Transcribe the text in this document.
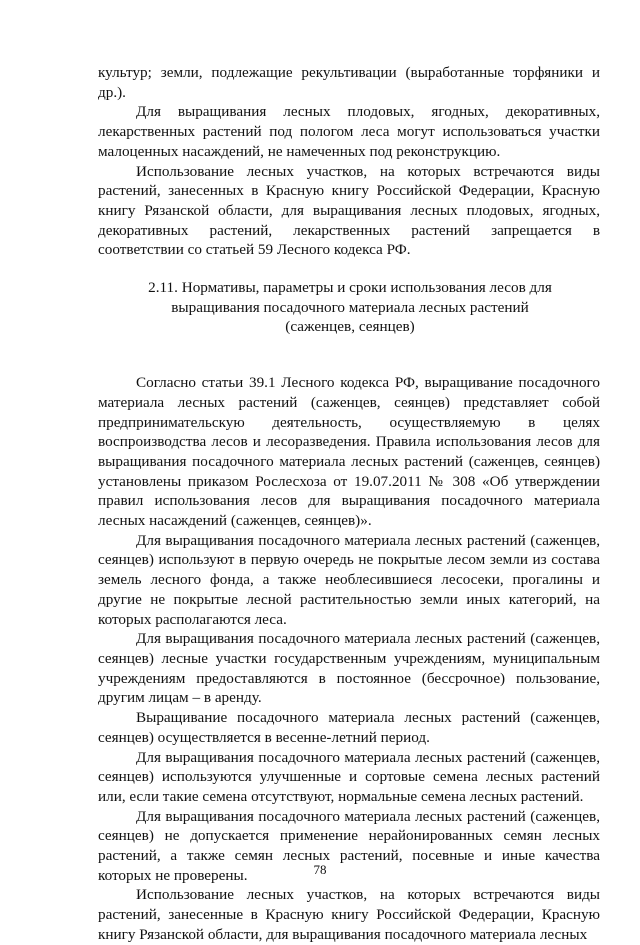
культур; земли, подлежащие рекультивации (выработанные торфяники и др.).

Для выращивания лесных плодовых, ягодных, декоративных, лекарственных растений под пологом леса могут использоваться участки малоценных насаждений, не намеченных под реконструкцию.

Использование лесных участков, на которых встречаются виды растений, занесенных в Красную книгу Российской Федерации, Красную книгу Рязанской области, для выращивания лесных плодовых, ягодных, декоративных растений, лекарственных растений запрещается в соответствии со статьей 59 Лесного кодекса РФ.

2.11. Нормативы, параметры и сроки использования лесов для выращивания посадочного материала лесных растений (саженцев, сеянцев)

Согласно статьи 39.1 Лесного кодекса РФ, выращивание посадочного материала лесных растений (саженцев, сеянцев) представляет собой предпринимательскую деятельность, осуществляемую в целях воспроизводства лесов и лесоразведения. Правила использования лесов для выращивания посадочного материала лесных растений (саженцев, сеянцев) установлены приказом Рослесхоза от 19.07.2011 № 308 «Об утверждении правил использования лесов для выращивания посадочного материала лесных насаждений (саженцев, сеянцев)».

Для выращивания посадочного материала лесных растений (саженцев, сеянцев) используют в первую очередь не покрытые лесом земли из состава земель лесного фонда, а также необлесившиеся лесосеки, прогалины и другие не покрытые лесной растительностью земли иных категорий, на которых располагаются леса.

Для выращивания посадочного материала лесных растений (саженцев, сеянцев) лесные участки государственным учреждениям, муниципальным учреждениям предоставляются в постоянное (бессрочное) пользование, другим лицам – в аренду.

Выращивание посадочного материала лесных растений (саженцев, сеянцев) осуществляется в весенне-летний период.

Для выращивания посадочного материала лесных растений (саженцев, сеянцев) используются улучшенные и сортовые семена лесных растений или, если такие семена отсутствуют, нормальные семена лесных растений.

Для выращивания посадочного материала лесных растений (саженцев, сеянцев) не допускается применение нерайонированных семян лесных растений, а также семян лесных растений, посевные и иные качества которых не проверены.

Использование лесных участков, на которых встречаются виды растений, занесенные в Красную книгу Российской Федерации, Красную книгу Рязанской области, для выращивания посадочного материала лесных

78
